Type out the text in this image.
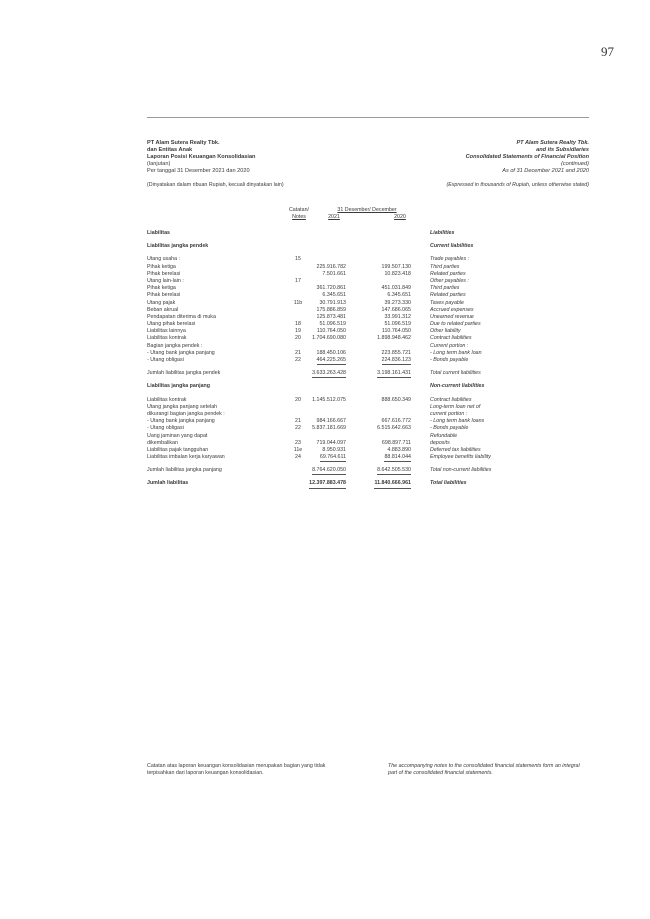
97
PT Alam Sutera Realty Tbk.
dan Entitas Anak
Laporan Posisi Keuangan Konsolidasian
(lanjutan)
Per tanggal 31 Desember 2021 dan 2020
PT Alam Sutera Realty Tbk.
and its Subsidiaries
Consolidated Statements of Financial Position
(continued)
As of 31 December 2021 and 2020
(Dinyatakan dalam ribuan Rupiah, kecuali dinyatakan lain)	(Expressed in thousands of Rupiah, unless otherwise stated)
Catatan/
Notes
31 Desember/ December
2021	2020
Liabilitas	Liabilities
Liabilitas jangka pendek	Current liabilities
Utang usaha :	15	Trade payables :
Pihak ketiga	225.916.782	199.507.130	Third parties
Pihak berelasi	7.501.661	10.823.418	Related parties
Utang lain-lain :	17	Other payables :
Pihak ketiga	361.720.861	451.031.849	Third parties
Pihak berelasi	6.345.651	6.345.651	Related parties
Utang pajak	11b	30.791.913	39.273.330	Taxes payable
Beban akrual	175.886.859	147.686.065	Accrued expenses
Pendapatan diterima di muka	125.873.481	33.991.312	Unearned revenue
Utang pihak berelasi	18	51.096.519	51.096.519	Due to related parties
Liabilitas lainnya	19	110.764.050	110.764.050	Other liability
Liabilitas kontrak	20	1.704.690.080	1.898.948.462	Contract liabilities
Bagian jangka pendek :	Current portion :
- Utang bank jangka panjang	21	188.450.106	223.855.721	- Long term bank loan
- Utang obligasi	22	464.225.265	224.836.123	- Bonds payable
Jumlah liabilitas jangka pendek	3.633.263.428	3.198.161.431	Total current liabilities
Liabilitas jangka panjang	Non-current liabilities
Liabilitas kontrak	20	1.145.512.075	888.650.349	Contract liabilities
Utang jangka panjang setelah	Long-term loan net of
dikurangi bagian jangka pendek :	current portion :
- Utang bank jangka panjang	21	984.166.667	667.616.772	- Long term bank loans
- Utang obligasi	22	5.837.181.669	6.515.642.663	- Bonds payable
Uang jaminan yang dapat	Refundable
dikembalikan	23	719.044.097	698.897.711	deposits
Liabilitas pajak tangguhan	11e	8.950.931	4.883.890	Deferred tax liabilities
Liabilitas imbalan kerja karyawan	24	69.764.611	88.814.044	Employee benefits liability
Jumlah liabilitas jangka panjang	8.764.620.050	8.642.505.530	Total non-current liabilities
Jumlah liabilitas	12.397.883.478	11.840.666.961	Total liabilities
Catatan atas laporan keuangan konsolidasian merupakan bagian yang tidak terpisahkan dari laporan keuangan konsolidasian.
The accompanying notes to the consolidated financial statements form an integral part of the consolidated financial statements.
